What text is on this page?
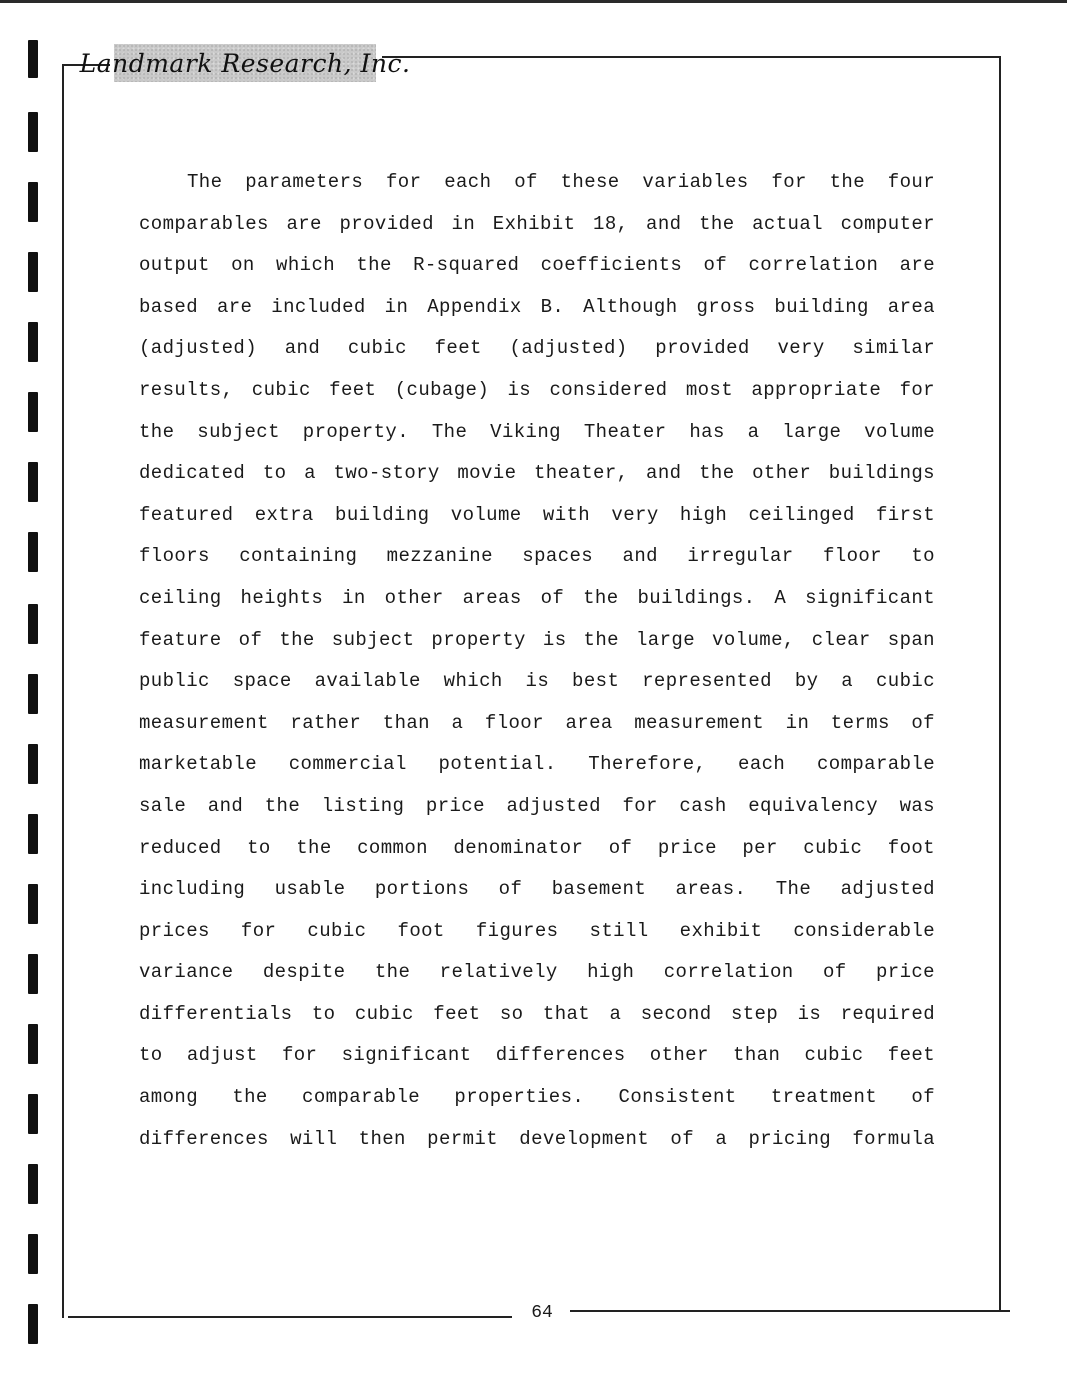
Landmark Research, Inc.
The parameters for each of these variables for the four
comparables are provided in Exhibit 18, and the actual computer
output on which the R-squared coefficients of correlation are
based are included in Appendix B. Although gross building area
(adjusted) and cubic feet (adjusted) provided very similar
results, cubic feet (cubage) is considered most appropriate for
the subject property. The Viking Theater has a large volume
dedicated to a two-story movie theater, and the other buildings
featured extra building volume with very high ceilinged first
floors containing mezzanine spaces and irregular floor to
ceiling heights in other areas of the buildings. A significant
feature of the subject property is the large volume, clear span
public space available which is best represented by a cubic
measurement rather than a floor area measurement in terms of
marketable commercial potential. Therefore, each comparable
sale and the listing price adjusted for cash equivalency was
reduced to the common denominator of price per cubic foot
including usable portions of basement areas. The adjusted
prices for cubic foot figures still exhibit considerable
variance despite the relatively high correlation of price
differentials to cubic feet so that a second step is required
to adjust for significant differences other than cubic feet
among the comparable properties. Consistent treatment of
differences will then permit development of a pricing formula
64
